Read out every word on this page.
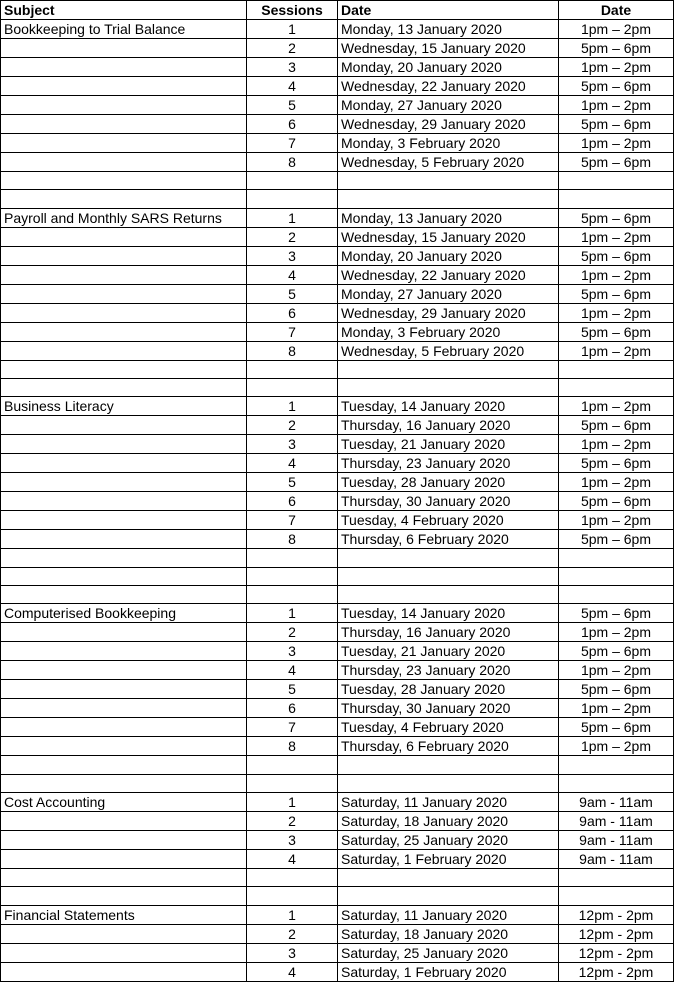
Subject	Sessions	Date	Date
Bookkeeping to Trial Balance	1	Monday, 13 January 2020	1pm – 2pm
	2	Wednesday, 15 January 2020	5pm – 6pm
	3	Monday, 20 January 2020	1pm – 2pm
	4	Wednesday, 22 January 2020	5pm – 6pm
	5	Monday, 27 January 2020	1pm – 2pm
	6	Wednesday, 29 January 2020	5pm – 6pm
	7	Monday, 3 February 2020	1pm – 2pm
	8	Wednesday, 5 February 2020	5pm – 6pm

Payroll and Monthly SARS Returns	1	Monday, 13 January 2020	5pm – 6pm
	2	Wednesday, 15 January 2020	1pm – 2pm
	3	Monday, 20 January 2020	5pm – 6pm
	4	Wednesday, 22 January 2020	1pm – 2pm
	5	Monday, 27 January 2020	5pm – 6pm
	6	Wednesday, 29 January 2020	1pm – 2pm
	7	Monday, 3 February 2020	5pm – 6pm
	8	Wednesday, 5 February 2020	1pm – 2pm

Business Literacy	1	Tuesday, 14 January 2020	1pm – 2pm
	2	Thursday, 16 January 2020	5pm – 6pm
	3	Tuesday, 21 January 2020	1pm – 2pm
	4	Thursday, 23 January 2020	5pm – 6pm
	5	Tuesday, 28 January 2020	1pm – 2pm
	6	Thursday, 30 January 2020	5pm – 6pm
	7	Tuesday, 4 February 2020	1pm – 2pm
	8	Thursday, 6 February 2020	5pm – 6pm

Computerised Bookkeeping	1	Tuesday, 14 January 2020	5pm – 6pm
	2	Thursday, 16 January 2020	1pm – 2pm
	3	Tuesday, 21 January 2020	5pm – 6pm
	4	Thursday, 23 January 2020	1pm – 2pm
	5	Tuesday, 28 January 2020	5pm – 6pm
	6	Thursday, 30 January 2020	1pm – 2pm
	7	Tuesday, 4 February 2020	5pm – 6pm
	8	Thursday, 6 February 2020	1pm – 2pm

Cost Accounting	1	Saturday, 11 January 2020	9am - 11am
	2	Saturday, 18 January 2020	9am - 11am
	3	Saturday, 25 January 2020	9am - 11am
	4	Saturday, 1 February 2020	9am - 11am

Financial Statements	1	Saturday, 11 January 2020	12pm - 2pm
	2	Saturday, 18 January 2020	12pm - 2pm
	3	Saturday, 25 January 2020	12pm - 2pm
	4	Saturday, 1 February 2020	12pm - 2pm
